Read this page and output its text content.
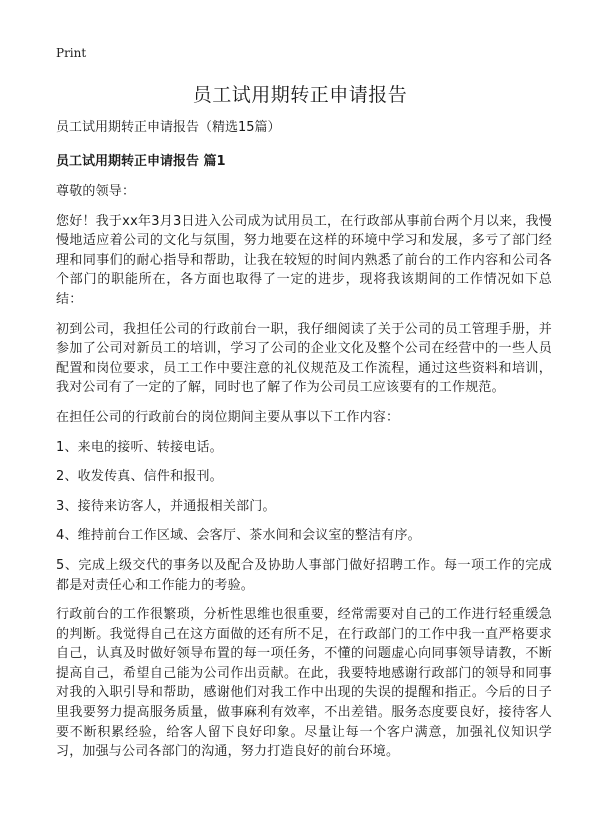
Print
员工试用期转正申请报告

员工试用期转正申请报告（精选15篇）

员工试用期转正申请报告 篇1

尊敬的领导：

您好！我于xx年3月3日进入公司成为试用员工，在行政部从事前台两个月以来，我慢慢地适应着公司的文化与氛围，努力地要在这样的环境中学习和发展，多亏了部门经理和同事们的耐心指导和帮助，让我在较短的时间内熟悉了前台的工作内容和公司各个部门的职能所在，各方面也取得了一定的进步，现将我该期间的工作情况如下总结：

初到公司，我担任公司的行政前台一职，我仔细阅读了关于公司的员工管理手册，并参加了公司对新员工的培训，学习了公司的企业文化及整个公司在经营中的一些人员配置和岗位要求，员工工作中要注意的礼仪规范及工作流程，通过这些资料和培训，我对公司有了一定的了解，同时也了解了作为公司员工应该要有的工作规范。

在担任公司的行政前台的岗位期间主要从事以下工作内容：

1、来电的接听、转接电话。

2、收发传真、信件和报刊。

3、接待来访客人，并通报相关部门。

4、维持前台工作区域、会客厅、茶水间和会议室的整洁有序。

5、完成上级交代的事务以及配合及协助人事部门做好招聘工作。每一项工作的完成都是对责任心和工作能力的考验。

行政前台的工作很繁琐，分析性思维也很重要，经常需要对自己的工作进行轻重缓急的判断。我觉得自己在这方面做的还有所不足，在行政部门的工作中我一直严格要求自己，认真及时做好领导布置的每一项任务，不懂的问题虚心向同事领导请教，不断提高自己，希望自己能为公司作出贡献。在此，我要特地感谢行政部门的领导和同事对我的入职引导和帮助，感谢他们对我工作中出现的失误的提醒和指正。今后的日子里我要努力提高服务质量，做事麻利有效率，不出差错。服务态度要良好，接待客人要不断积累经验，给客人留下良好印象。尽量让每一个客户满意，加强礼仪知识学习，加强与公司各部门的沟通，努力打造良好的前台环境。
